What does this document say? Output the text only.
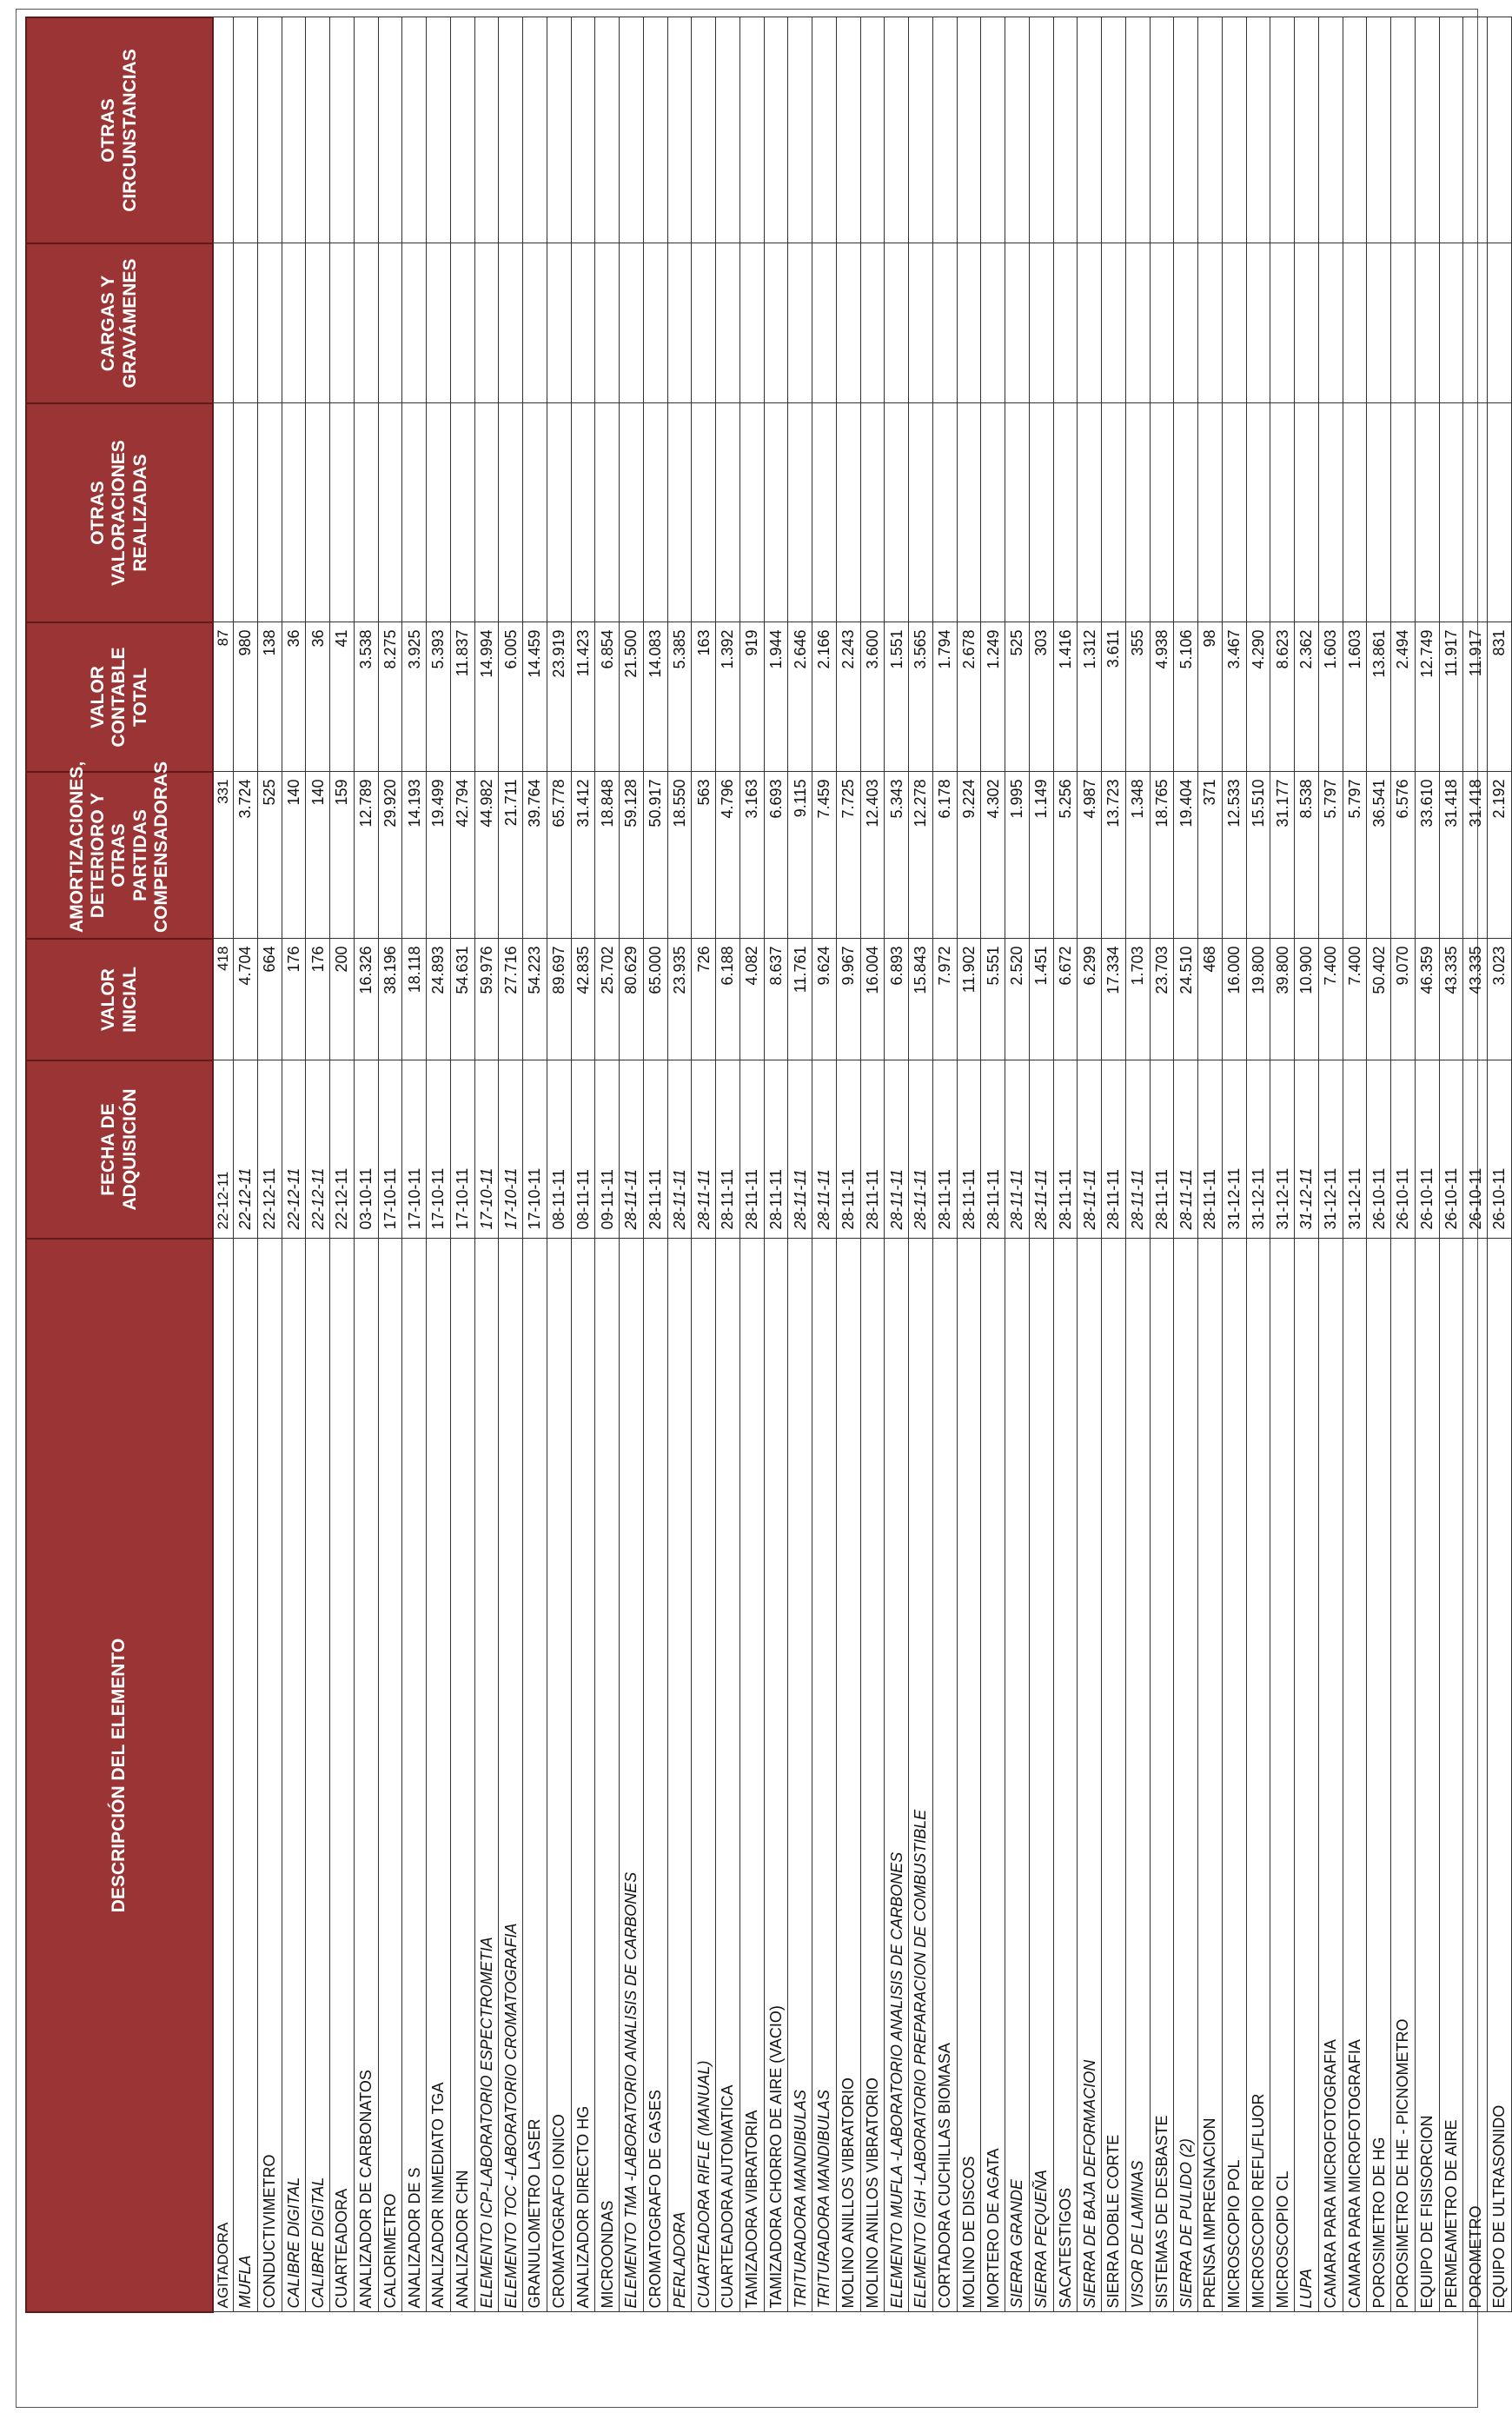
DESCRIPCIÓN DEL ELEMENTO	FECHA DE ADQUISICIÓN	VALOR INICIAL	AMORTIZACIONES, DETERIORO Y OTRAS PARTIDAS COMPENSADORAS	VALOR CONTABLE TOTAL	OTRAS VALORACIONES REALIZADAS	CARGAS Y GRAVÁMENES	OTRAS CIRCUNSTANCIAS
AGITADORA	22-12-11	418	331	87			
MUFLA	22-12-11	4.704	3.724	980			
CONDUCTIVIMETRO	22-12-11	664	525	138			
CALIBRE DIGITAL	22-12-11	176	140	36			
CALIBRE DIGITAL	22-12-11	176	140	36			
CUARTEADORA	22-12-11	200	159	41			
ANALIZADOR DE CARBONATOS	03-10-11	16.326	12.789	3.538			
CALORIMETRO	17-10-11	38.196	29.920	8.275			
ANALIZADOR DE S	17-10-11	18.118	14.193	3.925			
ANALIZADOR INMEDIATO TGA	17-10-11	24.893	19.499	5.393			
ANALIZADOR CHN	17-10-11	54.631	42.794	11.837			
ELEMENTO ICP-LABORATORIO ESPECTROMETIA	17-10-11	59.976	44.982	14.994			
ELEMENTO TOC -LABORATORIO CROMATOGRAFIA	17-10-11	27.716	21.711	6.005			
GRANULOMETRO LASER	17-10-11	54.223	39.764	14.459			
CROMATOGRAFO IONICO	08-11-11	89.697	65.778	23.919			
ANALIZADOR DIRECTO HG	08-11-11	42.835	31.412	11.423			
MICROONDAS	09-11-11	25.702	18.848	6.854			
ELEMENTO TMA -LABORATORIO ANALISIS DE CARBONES	28-11-11	80.629	59.128	21.500			
CROMATOGRAFO DE GASES	28-11-11	65.000	50.917	14.083			
PERLADORA	28-11-11	23.935	18.550	5.385			
CUARTEADORA RIFLE (MANUAL)	28-11-11	726	563	163			
CUARTEADORA AUTOMATICA	28-11-11	6.188	4.796	1.392			
TAMIZADORA VIBRATORIA	28-11-11	4.082	3.163	919			
TAMIZADORA CHORRO DE AIRE (VACIO)	28-11-11	8.637	6.693	1.944			
TRITURADORA MANDIBULAS	28-11-11	11.761	9.115	2.646			
TRITURADORA MANDIBULAS	28-11-11	9.624	7.459	2.166			
MOLINO ANILLOS VIBRATORIO	28-11-11	9.967	7.725	2.243			
MOLINO ANILLOS VIBRATORIO	28-11-11	16.004	12.403	3.600			
ELEMENTO MUFLA -LABORATORIO ANALISIS DE CARBONES	28-11-11	6.893	5.343	1.551			
ELEMENTO IGH -LABORATORIO PREPARACION DE COMBUSTIBLE	28-11-11	15.843	12.278	3.565			
CORTADORA CUCHILLAS BIOMASA	28-11-11	7.972	6.178	1.794			
MOLINO DE DISCOS	28-11-11	11.902	9.224	2.678			
MORTERO DE AGATA	28-11-11	5.551	4.302	1.249			
SIERRA GRANDE	28-11-11	2.520	1.995	525			
SIERRA PEQUEÑA	28-11-11	1.451	1.149	303			
SACATESTIGOS	28-11-11	6.672	5.256	1.416			
SIERRA DE BAJA DEFORMACION	28-11-11	6.299	4.987	1.312			
SIERRA DOBLE CORTE	28-11-11	17.334	13.723	3.611			
VISOR DE LAMINAS	28-11-11	1.703	1.348	355			
SISTEMAS DE DESBASTE	28-11-11	23.703	18.765	4.938			
SIERRA DE PULIDO (2)	28-11-11	24.510	19.404	5.106			
PRENSA IMPREGNACION	28-11-11	468	371	98			
MICROSCOPIO POL	31-12-11	16.000	12.533	3.467			
MICROSCOPIO REFL/FLUOR	31-12-11	19.800	15.510	4.290			
MICROSCOPIO CL	31-12-11	39.800	31.177	8.623			
LUPA	31-12-11	10.900	8.538	2.362			
CAMARA PARA MICROFOTOGRAFIA	31-12-11	7.400	5.797	1.603			
CAMARA PARA MICROFOTOGRAFIA	31-12-11	7.400	5.797	1.603			
POROSIMETRO DE HG	26-10-11	50.402	36.541	13.861			
POROSIMETRO DE HE - PICNOMETRO	26-10-11	9.070	6.576	2.494			
EQUIPO DE FISISORCION	26-10-11	46.359	33.610	12.749			
PERMEAMETRO DE AIRE	26-10-11	43.335	31.418	11.917			
POROMETRO	26-10-11	43.335	31.418	11.917			
EQUIPO DE ULTRASONIDO	26-10-11	3.023	2.192	831			
